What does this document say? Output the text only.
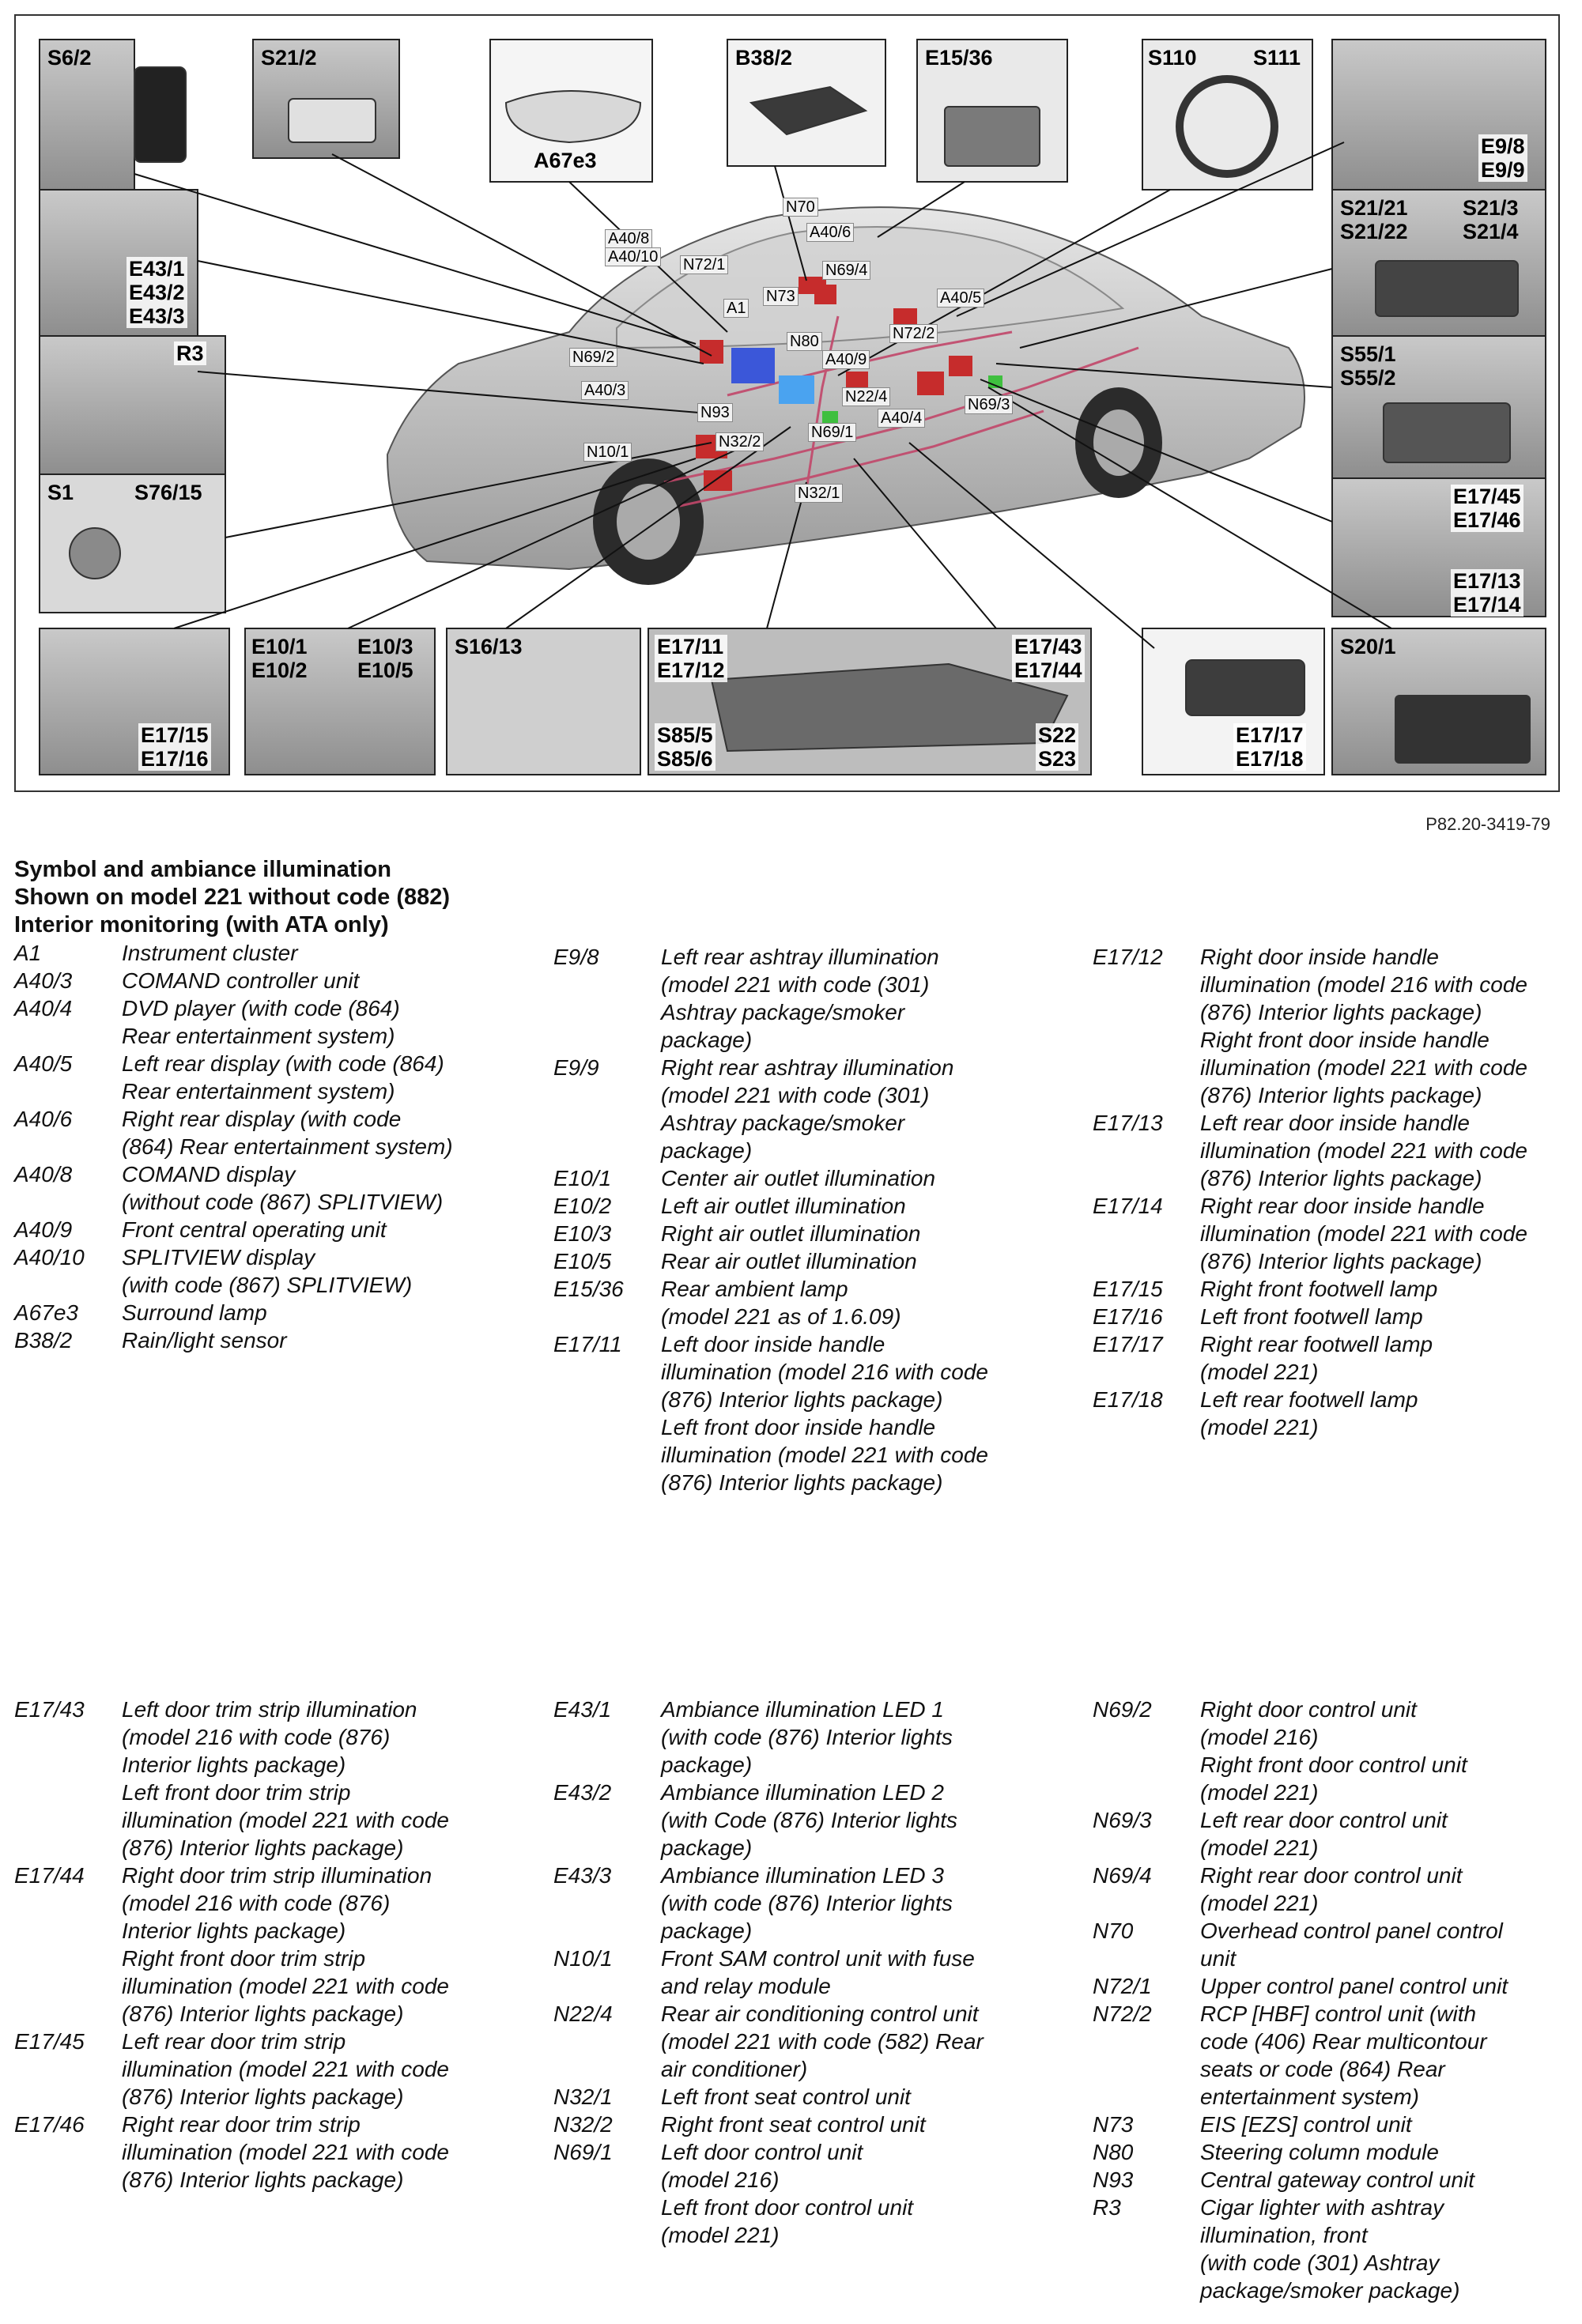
S6/2	S21/2
A67e3
B38/2	E15/36	S110	S111
E9/8
E9/9
E43/1
E43/2
E43/3
S21/21
S21/22
S21/3
S21/4
R3	S55/1
S55/2
S1	S76/15	E17/45
E17/46
E17/13
E17/14
E17/15
E17/16
E10/1
E10/2
E10/3
E10/5
S16/13	E17/11
E17/12
E17/43
E17/44
S85/5
S85/6
S22
S23
E17/17
E17/18
S20/1
A40/8
A40/10 N72/1
N70
A40/6
N69/4
A1
N73	A40/5
N69/2
N80
A40/9
N72/2
A40/3	N22/4	N69/3
N93	A40/4
N10/1
N32/2
N69/1
N32/1
P82.20-3419-79
Symbol and ambiance illumination
Shown on model 221 without code (882)
Interior monitoring (with ATA only)
A1	Instrument cluster
A40/3	COMAND controller unit
A40/4	DVD player (with code (864)
Rear entertainment system)
A40/5	Left rear display (with code (864)
Rear entertainment system)
A40/6	Right rear display (with code
(864) Rear entertainment system)
A40/8	COMAND display
(without code (867) SPLITVIEW)
A40/9	Front central operating unit
A40/10	SPLITVIEW display
(with code (867) SPLITVIEW)
A67e3	Surround lamp
B38/2	Rain/light sensor
E9/8	Left rear ashtray illumination
(model 221 with code (301)
Ashtray package/smoker
package)
E9/9	Right rear ashtray illumination
(model 221 with code (301)
Ashtray package/smoker
package)
E10/1	Center air outlet illumination
E10/2	Left air outlet illumination
E10/3	Right air outlet illumination
E10/5	Rear air outlet illumination
E15/36	Rear ambient lamp
(model 221 as of 1.6.09)
E17/11	Left door inside handle
illumination (model 216 with code
(876) Interior lights package)
Left front door inside handle
illumination (model 221 with code
(876) Interior lights package)
E17/12	Right door inside handle
illumination (model 216 with code
(876) Interior lights package)
Right front door inside handle
illumination (model 221 with code
(876) Interior lights package)
E17/13	Left rear door inside handle
illumination (model 221 with code
(876) Interior lights package)
E17/14	Right rear door inside handle
illumination (model 221 with code
(876) Interior lights package)
E17/15	Right front footwell lamp
E17/16	Left front footwell lamp
E17/17	Right rear footwell lamp
(model 221)
E17/18	Left rear footwell lamp
(model 221)
E17/43	Left door trim strip illumination
(model 216 with code (876)
Interior lights package)
Left front door trim strip
illumination (model 221 with code
(876) Interior lights package)
E17/44	Right door trim strip illumination
(model 216 with code (876)
Interior lights package)
Right front door trim strip
illumination (model 221 with code
(876) Interior lights package)
E17/45	Left rear door trim strip
illumination (model 221 with code
(876) Interior lights package)
E17/46	Right rear door trim strip
illumination (model 221 with code
(876) Interior lights package)
E43/1	Ambiance illumination LED 1
(with code (876) Interior lights
package)
E43/2	Ambiance illumination LED 2
(with Code (876) Interior lights
package)
E43/3	Ambiance illumination LED 3
(with code (876) Interior lights
package)
N10/1	Front SAM control unit with fuse
and relay module
N22/4	Rear air conditioning control unit
(model 221 with code (582) Rear
air conditioner)
N32/1	Left front seat control unit
N32/2	Right front seat control unit
N69/1	Left door control unit
(model 216)
Left front door control unit
(model 221)
N69/2	Right door control unit
(model 216)
Right front door control unit
(model 221)
N69/3	Left rear door control unit
(model 221)
N69/4	Right rear door control unit
(model 221)
N70	Overhead control panel control
unit
N72/1	Upper control panel control unit
N72/2	RCP [HBF] control unit (with
code (406) Rear multicontour
seats or code (864) Rear
entertainment system)
N73	EIS [EZS] control unit
N80	Steering column module
N93	Central gateway control unit
R3	Cigar lighter with ashtray
illumination, front
(with code (301) Ashtray
package/smoker package)
